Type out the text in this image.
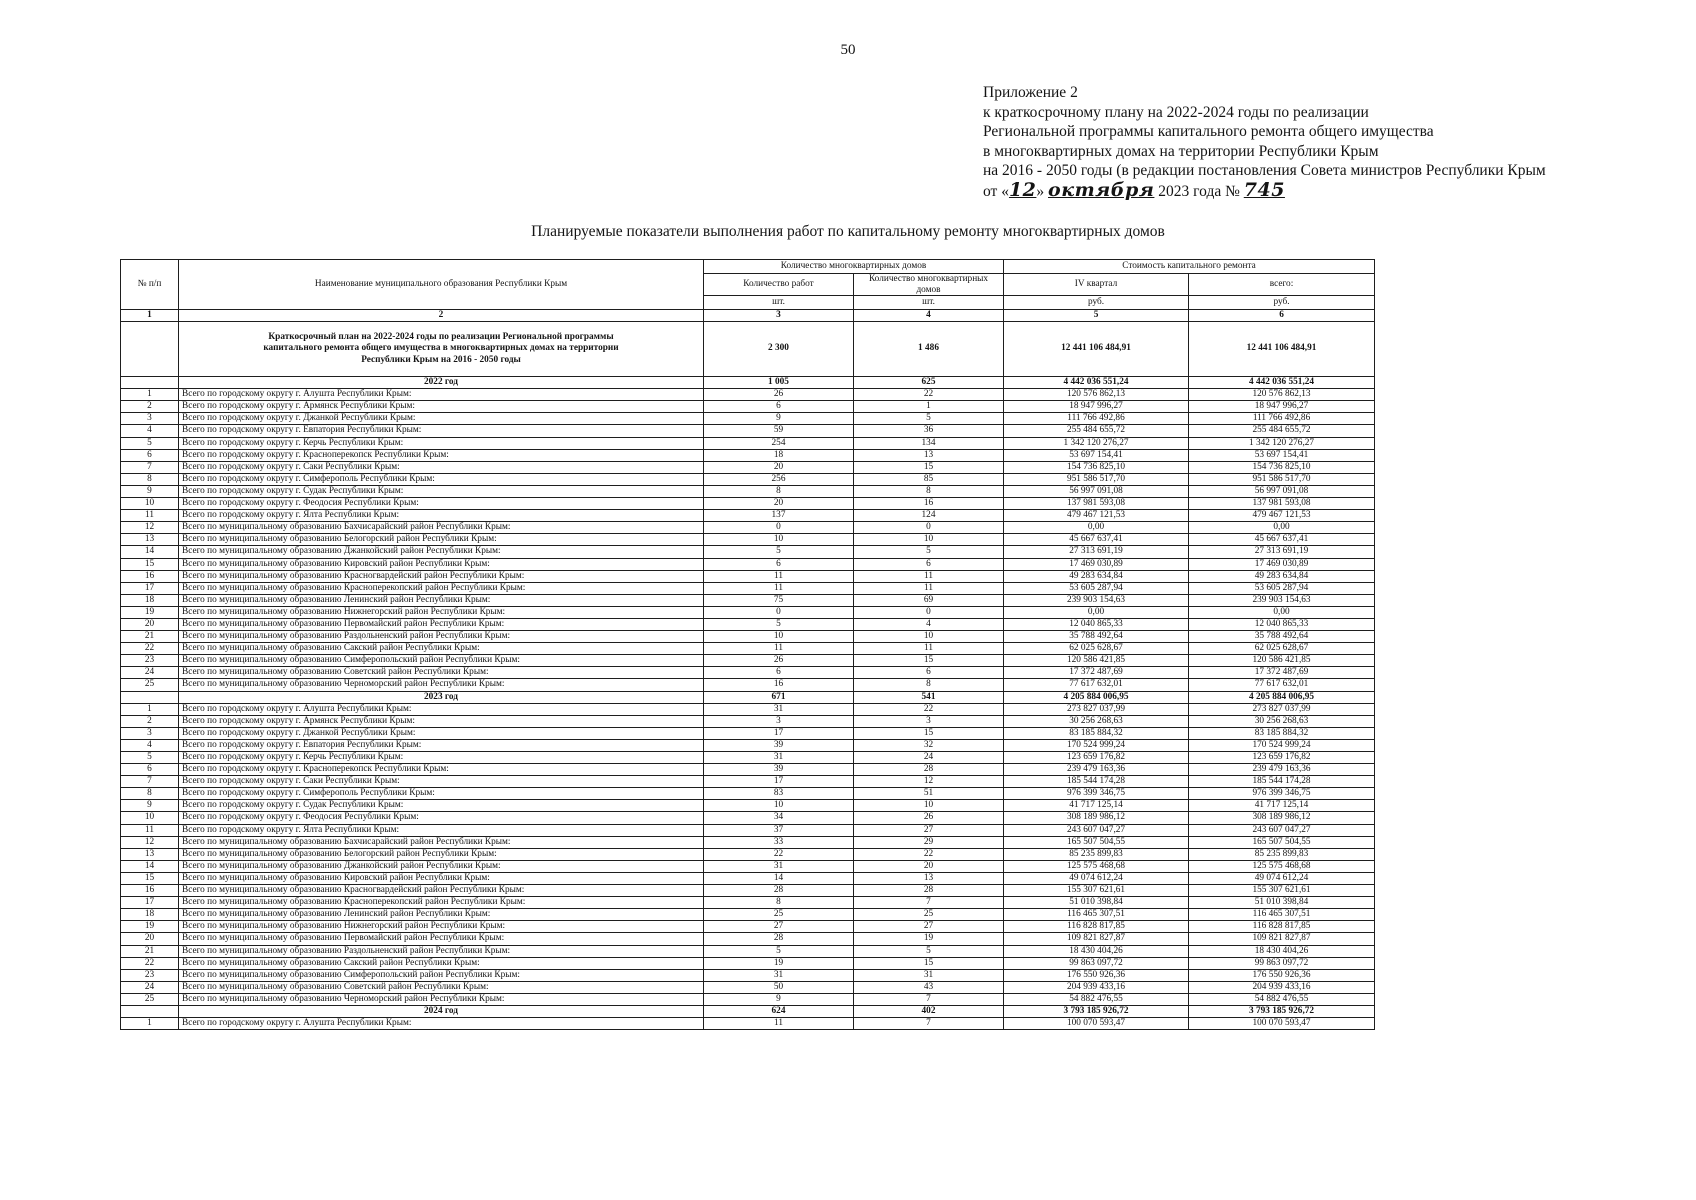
50
Приложение 2
к краткосрочному плану на 2022-2024 годы по реализации
Региональной программы капитального ремонта общего имущества
в многоквартирных домах на территории Республики Крым
на 2016 - 2050 годы (в редакции постановления Совета министров Республики Крым
от «12» октября 2023 года № 745
Планируемые показатели выполнения работ по капитальному ремонту многоквартирных домов
№ п/п	Наименование муниципального образования Республики Крым	Количество многоквартирных домов		Стоимость капитального ремонта	
		Количество работ	Количество многоквартирных домов	IV квартал	всего:
		шт.	шт.	руб.	руб.
1	2	3	4	5	6
	Краткосрочный план на 2022-2024 годы по реализации Региональной программы капитального ремонта общего имущества в многоквартирных домах на территории Республики Крым на 2016 - 2050 годы	2 300	1 486	12 441 106 484,91	12 441 106 484,91
	2022 год	1 005	625	4 442 036 551,24	4 442 036 551,24
1	Всего по городскому округу г. Алушта Республики Крым:	26	22	120 576 862,13	120 576 862,13
2	Всего по городскому округу г. Армянск Республики Крым:	6	1	18 947 996,27	18 947 996,27
3	Всего по городскому округу г. Джанкой Республики Крым:	9	5	111 766 492,86	111 766 492,86
4	Всего по городскому округу г. Евпатория Республики Крым:	59	36	255 484 655,72	255 484 655,72
5	Всего по городскому округу г. Керчь Республики Крым:	254	134	1 342 120 276,27	1 342 120 276,27
6	Всего по городскому округу г. Красноперекопск Республики Крым:	18	13	53 697 154,41	53 697 154,41
7	Всего по городскому округу г. Саки Республики Крым:	20	15	154 736 825,10	154 736 825,10
8	Всего по городскому округу г. Симферополь Республики Крым:	256	85	951 586 517,70	951 586 517,70
9	Всего по городскому округу г. Судак Республики Крым:	8	8	56 997 091,08	56 997 091,08
10	Всего по городскому округу г. Феодосия Республики Крым:	20	16	137 981 593,08	137 981 593,08
11	Всего по городскому округу г. Ялта Республики Крым:	137	124	479 467 121,53	479 467 121,53
12	Всего по муниципальному образованию Бахчисарайский район Республики Крым:	0	0	0,00	0,00
13	Всего по муниципальному образованию Белогорский район Республики Крым:	10	10	45 667 637,41	45 667 637,41
14	Всего по муниципальному образованию Джанкойский район Республики Крым:	5	5	27 313 691,19	27 313 691,19
15	Всего по муниципальному образованию Кировский район Республики Крым:	6	6	17 469 030,89	17 469 030,89
16	Всего по муниципальному образованию Красногвардейский район Республики Крым:	11	11	49 283 634,84	49 283 634,84
17	Всего по муниципальному образованию Красноперекопский район Республики Крым:	11	11	53 605 287,94	53 605 287,94
18	Всего по муниципальному образованию Ленинский район Республики Крым:	75	69	239 903 154,63	239 903 154,63
19	Всего по муниципальному образованию Нижнегорский район Республики Крым:	0	0	0,00	0,00
20	Всего по муниципальному образованию Первомайский район Республики Крым:	5	4	12 040 865,33	12 040 865,33
21	Всего по муниципальному образованию Раздольненский район Республики Крым:	10	10	35 788 492,64	35 788 492,64
22	Всего по муниципальному образованию Сакский район Республики Крым:	11	11	62 025 628,67	62 025 628,67
23	Всего по муниципальному образованию Симферопольский район Республики Крым:	26	15	120 586 421,85	120 586 421,85
24	Всего по муниципальному образованию Советский район Республики Крым:	6	6	17 372 487,69	17 372 487,69
25	Всего по муниципальному образованию Черноморский район Республики Крым:	16	8	77 617 632,01	77 617 632,01
	2023 год	671	541	4 205 884 006,95	4 205 884 006,95
1	Всего по городскому округу г. Алушта Республики Крым:	31	22	273 827 037,99	273 827 037,99
2	Всего по городскому округу г. Армянск Республики Крым:	3	3	30 256 268,63	30 256 268,63
3	Всего по городскому округу г. Джанкой Республики Крым:	17	15	83 185 884,32	83 185 884,32
4	Всего по городскому округу г. Евпатория Республики Крым:	39	32	170 524 999,24	170 524 999,24
5	Всего по городскому округу г. Керчь Республики Крым:	31	24	123 659 176,82	123 659 176,82
6	Всего по городскому округу г. Красноперекопск Республики Крым:	39	28	239 479 163,36	239 479 163,36
7	Всего по городскому округу г. Саки Республики Крым:	17	12	185 544 174,28	185 544 174,28
8	Всего по городскому округу г. Симферополь Республики Крым:	83	51	976 399 346,75	976 399 346,75
9	Всего по городскому округу г. Судак Республики Крым:	10	10	41 717 125,14	41 717 125,14
10	Всего по городскому округу г. Феодосия Республики Крым:	34	26	308 189 986,12	308 189 986,12
11	Всего по городскому округу г. Ялта Республики Крым:	37	27	243 607 047,27	243 607 047,27
12	Всего по муниципальному образованию Бахчисарайский район Республики Крым:	33	29	165 507 504,55	165 507 504,55
13	Всего по муниципальному образованию Белогорский район Республики Крым:	22	22	85 235 899,83	85 235 899,83
14	Всего по муниципальному образованию Джанкойский район Республики Крым:	31	20	125 575 468,68	125 575 468,68
15	Всего по муниципальному образованию Кировский район Республики Крым:	14	13	49 074 612,24	49 074 612,24
16	Всего по муниципальному образованию Красногвардейский район Республики Крым:	28	28	155 307 621,61	155 307 621,61
17	Всего по муниципальному образованию Красноперекопский район Республики Крым:	8	7	51 010 398,84	51 010 398,84
18	Всего по муниципальному образованию Ленинский район Республики Крым:	25	25	116 465 307,51	116 465 307,51
19	Всего по муниципальному образованию Нижнегорский район Республики Крым:	27	27	116 828 817,85	116 828 817,85
20	Всего по муниципальному образованию Первомайский район Республики Крым:	28	19	109 821 827,87	109 821 827,87
21	Всего по муниципальному образованию Раздольненский район Республики Крым:	5	5	18 430 404,26	18 430 404,26
22	Всего по муниципальному образованию Сакский район Республики Крым:	19	15	99 863 097,72	99 863 097,72
23	Всего по муниципальному образованию Симферопольский район Республики Крым:	31	31	176 550 926,36	176 550 926,36
24	Всего по муниципальному образованию Советский район Республики Крым:	50	43	204 939 433,16	204 939 433,16
25	Всего по муниципальному образованию Черноморский район Республики Крым:	9	7	54 882 476,55	54 882 476,55
	2024 год	624	402	3 793 185 926,72	3 793 185 926,72
1	Всего по городскому округу г. Алушта Республики Крым:	11	7	100 070 593,47	100 070 593,47
